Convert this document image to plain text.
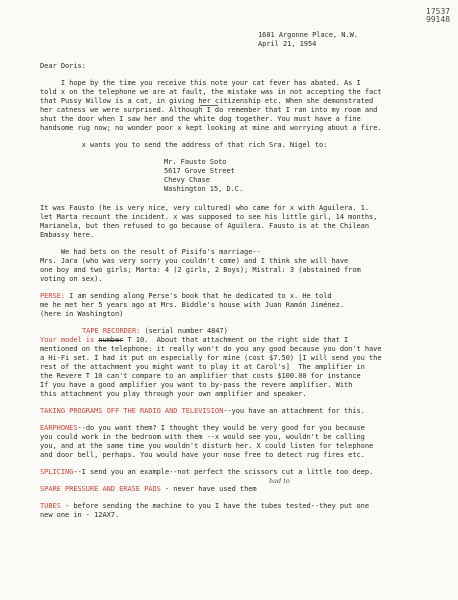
17537
99148
1601 Argonne Place, N.W.
April 21, 1954
Dear Doris:
I hope by the time you receive this note your cat fever has abated. As I
told x on the telephone we are at fault, the mistake was in not accepting the fact
that Pussy Willow is a cat, in giving her citizenship etc. When she demonstrated
her catness we were surprised. Although I do remember that I ran into my room and
shut the door when I saw her and the white dog together. You must have a fine
handsome rug now; no wonder poor x kept looking at mine and worrying about a fire.
x wants you to send the address of that rich Sra. Nigel to:
Mr. Fausto Soto
5617 Grove Street
Chevy Chase
Washington 15, D.C.
It was Fausto (he is very nice, very cultured) who came for x with Aguilera. 1.
let Marta recount the incident. x was supposed to see his little girl, 14 months,
Marianela, but then refused to go because of Aguilera. Fausto is at the Chilean
Embassy here.
We had bets on the result of Pisifo's marriage--
Mrs. Jara (who was very sorry you couldn't come) and I think she will have
one boy and two girls; Marta: 4 (2 girls, 2 Boys); Mistral: 3 (abstained from
voting on sex).
PERSE: I am sending along Perse's book that he dedicated to x. He told
me he met her 5 years ago at Mrs. Biddle's house with Juan Ramón Jiménez.
(here in Washington)
TAPE RECORDER: (serial number 4847)
Your model is number T 10.  About that attachment on the right side that I
mentioned on the telephone: it really won't do you any good because you don't have
a Hi-Fi set. I had it put on especially for mine (cost $7.50) [I will send you the
rest of the attachment you might want to play it at Carol's]  The amplifier in
the Revere T 10 can't compare to an amplifier that costs $100.00 for instance
If you have a good amplifier you want to by-pass the revere amplifier. With
this attachment you play through your own amplifier and speaker.
TAKING PROGRAMS OFF THE RADIO AND TELEVISION--you have an attachment for this.
EARPHONES--do you want them? I thought they would be very good for you because
you could work in the bedroom with them --x would see you, wouldn't be calling
you, and at the same time you wouldn't disturb her. X could listen for telephone
and door bell, perhaps. You would have your nose free to detect rug fires etc.
SPLICING--I send you an example--not perfect the scissors cut a little too deep.
had to
SPARE PRESSURE AND ERASE PADS - never have used them
TUBES - before sending the machine to you I have the tubes tested--they put one
new one in - 12AX7.
